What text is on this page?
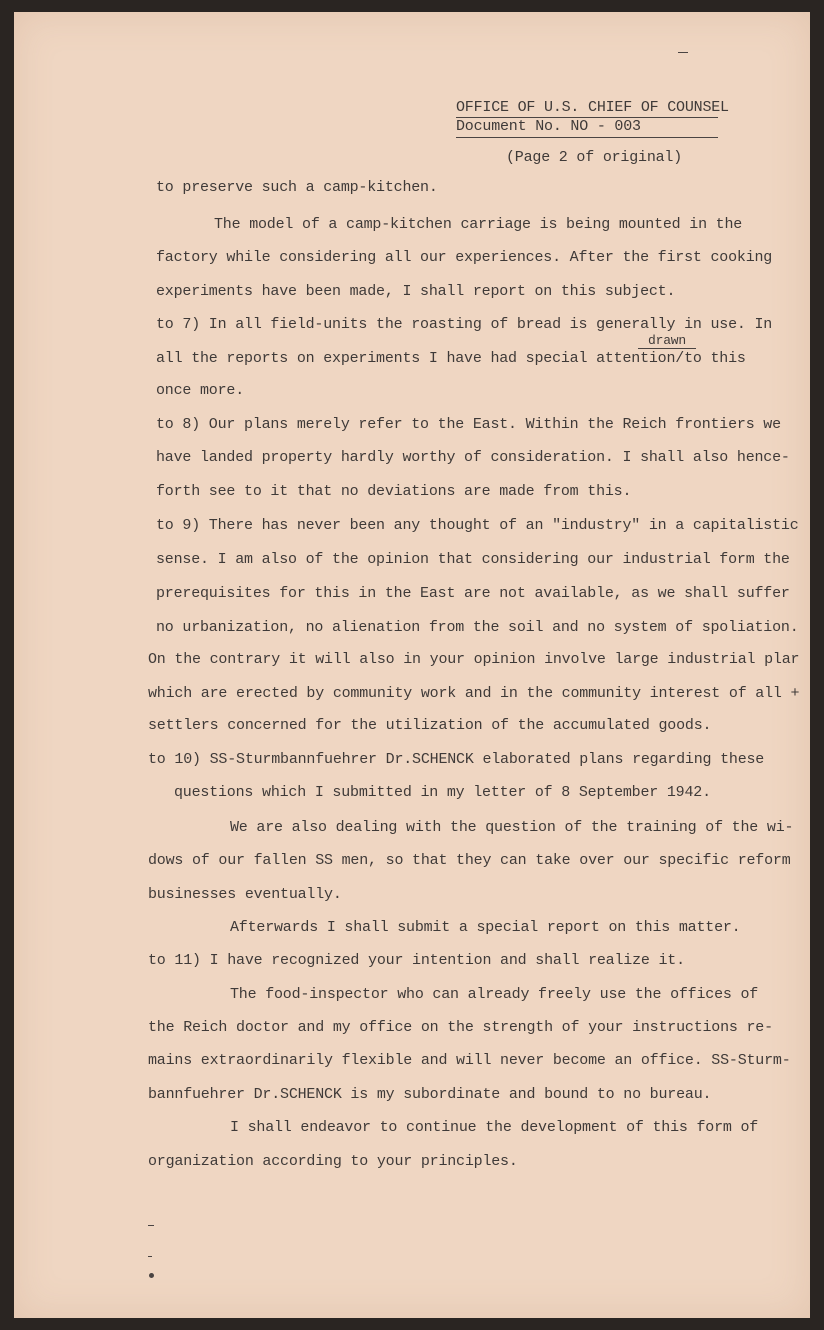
OFFICE OF U.S. CHIEF OF COUNSEL

Document No. NO - 003

(Page 2 of original)

to preserve such a camp-kitchen.

The model of a camp-kitchen carriage is being mounted in the

factory while considering all our experiences. After the first cooking

experiments have been made, I shall report on this subject.

to 7) In all field-units the roasting of bread is generally in use. In

drawn

all the reports on experiments I have had special attention/to this

once more.

to 8) Our plans merely refer to the East. Within the Reich frontiers we

have landed property hardly worthy of consideration. I shall also hence-

forth see to it that no deviations are made from this.

to 9) There has never been any thought of an "industry" in a capitalistic

sense. I am also of the opinion that considering our industrial form the

prerequisites for this in the East are not available, as we shall suffer

no urbanization, no alienation from the soil and no system of spoliation.

On the contrary it will also in your opinion involve large industrial plar

which are erected by community work and in the community interest of all +

settlers concerned for the utilization of the accumulated goods.

to 10) SS-Sturmbannfuehrer Dr.SCHENCK elaborated plans regarding these

questions which I submitted in my letter of 8 September 1942.

We are also dealing with the question of the training of the wi-

dows of our fallen SS men, so that they can take over our specific reform

businesses eventually.

Afterwards I shall submit a special report on this matter.

to 11) I have recognized your intention and shall realize it.

The food-inspector who can already freely use the offices of

the Reich doctor and my office on the strength of your instructions re-

mains extraordinarily flexible and will never become an office. SS-Sturm-

bannfuehrer Dr.SCHENCK is my subordinate and bound to no bureau.

I shall endeavor to continue the development of this form of

organization according to your principles.
